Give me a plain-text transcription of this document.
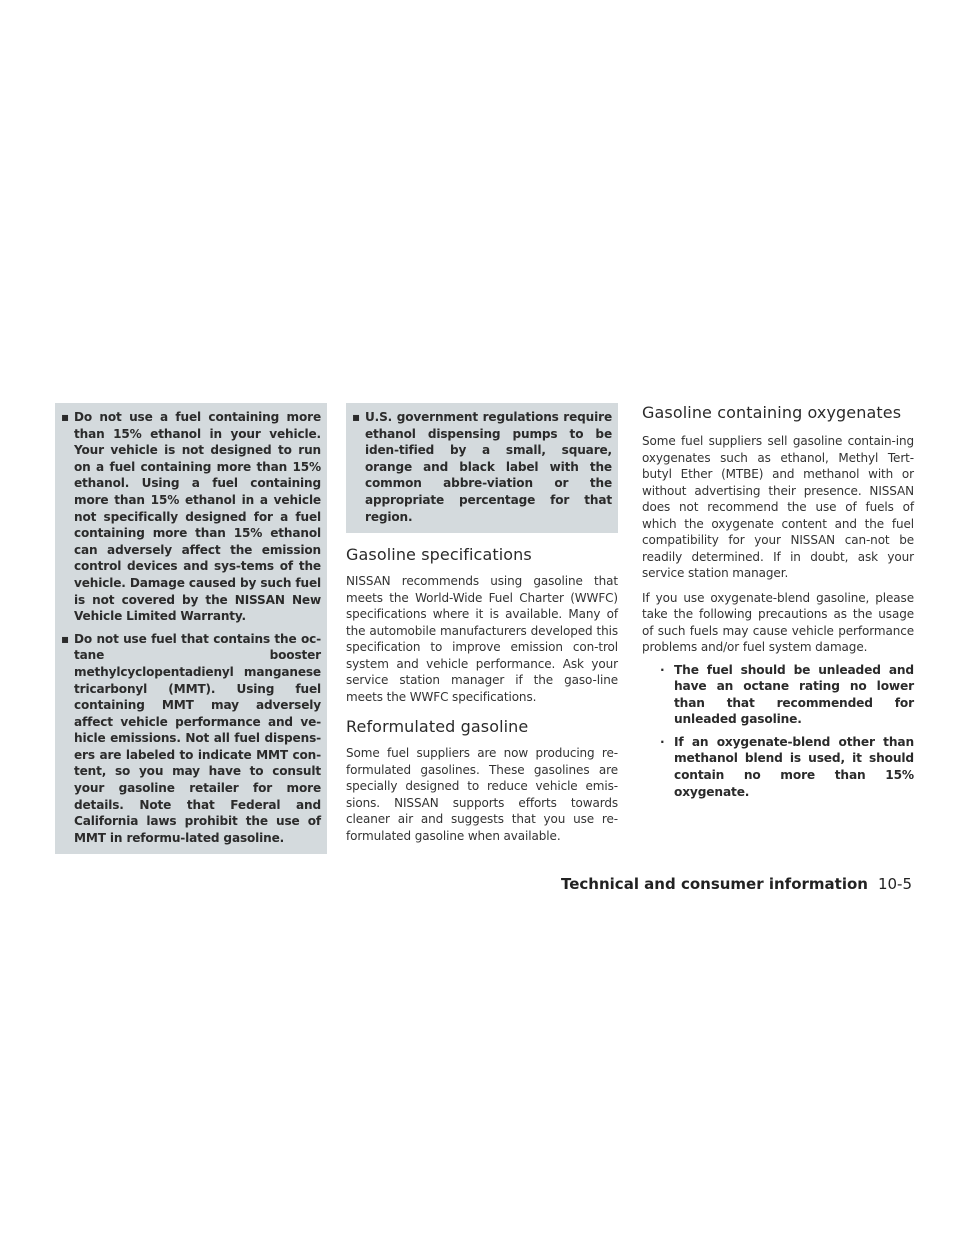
▪ Do not use a fuel containing more than 15% ethanol in your vehicle. Your vehicle is not designed to run on a fuel containing more than 15% ethanol. Using a fuel containing more than 15% ethanol in a vehicle not specifically designed for a fuel containing more than 15% ethanol can adversely affect the emission control devices and sys-tems of the vehicle. Damage caused by such fuel is not covered by the NISSAN New Vehicle Limited Warranty.
▪ Do not use fuel that contains the oc-tane booster methylcyclopentadienyl manganese tricarbonyl (MMT). Using fuel containing MMT may adversely affect vehicle performance and ve-hicle emissions. Not all fuel dispens-ers are labeled to indicate MMT con-tent, so you may have to consult your gasoline retailer for more details. Note that Federal and California laws prohibit the use of MMT in reformu-lated gasoline.
▪ U.S. government regulations require ethanol dispensing pumps to be iden-tified by a small, square, orange and black label with the common abbre-viation or the appropriate percentage for that region.
Gasoline specifications

NISSAN recommends using gasoline that meets the World-Wide Fuel Charter (WWFC) specifications where it is available. Many of the automobile manufacturers developed this specification to improve emission con-trol system and vehicle performance. Ask your service station manager if the gaso-line meets the WWFC specifications.

Reformulated gasoline

Some fuel suppliers are now producing re-formulated gasolines. These gasolines are specially designed to reduce vehicle emis-sions. NISSAN supports efforts towards cleaner air and suggests that you use re-formulated gasoline when available.

Gasoline containing oxygenates

Some fuel suppliers sell gasoline contain-ing oxygenates such as ethanol, Methyl Tert-butyl Ether (MTBE) and methanol with or without advertising their presence. NISSAN does not recommend the use of fuels of which the oxygenate content and the fuel compatibility for your NISSAN can-not be readily determined. If in doubt, ask your service station manager.

If you use oxygenate-blend gasoline, please take the following precautions as the usage of such fuels may cause vehicle performance problems and/or fuel system damage.

· The fuel should be unleaded and have an octane rating no lower than that recommended for unleaded gasoline.
· If an oxygenate-blend other than methanol blend is used, it should contain no more than 15% oxygenate.
Technical and consumer information 10-5
